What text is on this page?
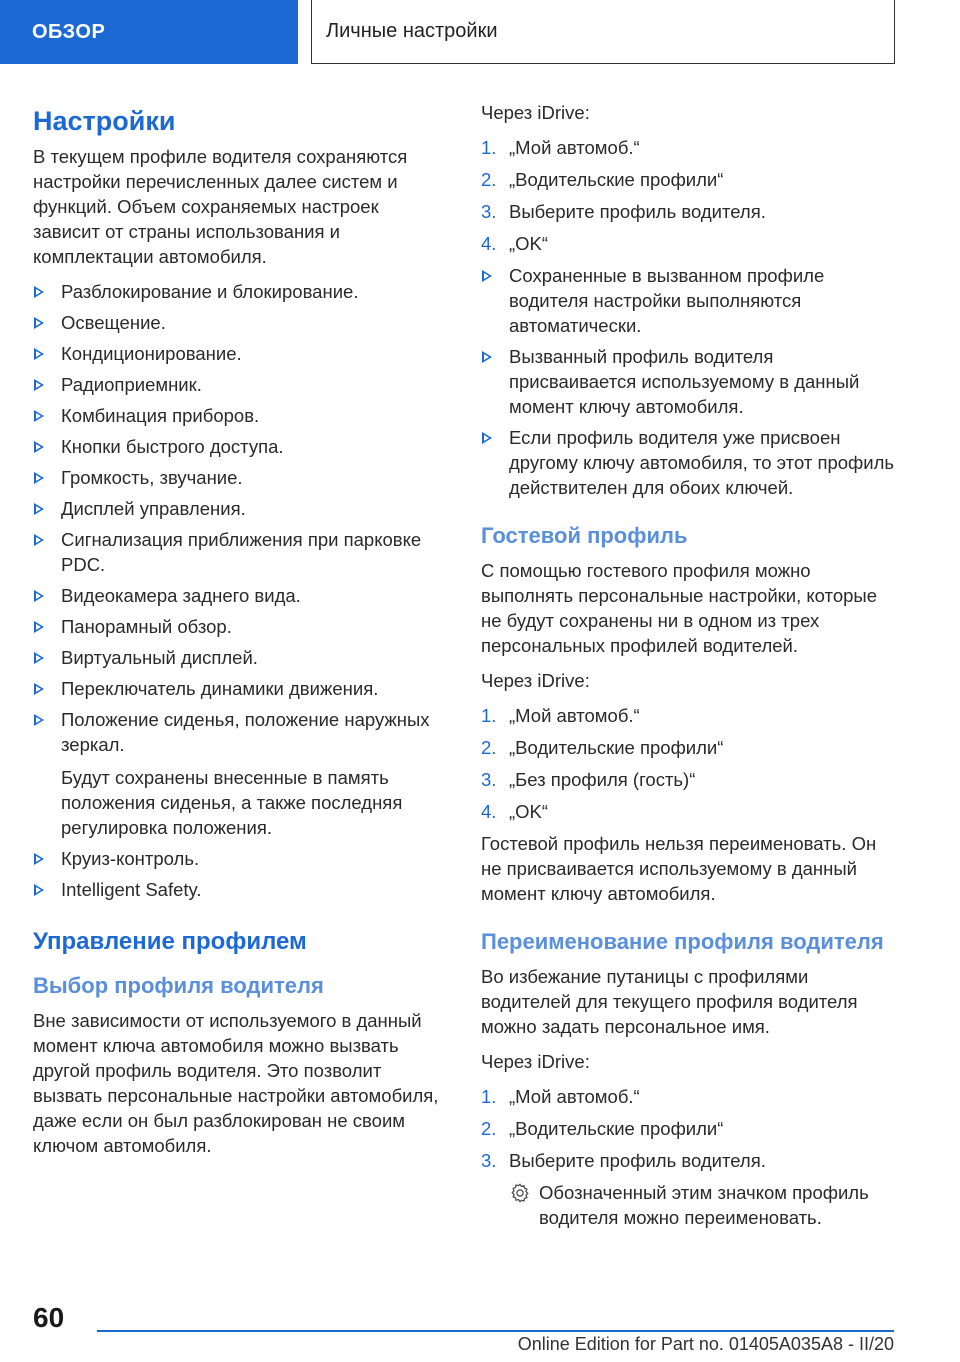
ОБЗОР	Личные настройки
Настройки

В текущем профиле водителя сохраняются настройки перечисленных далее систем и функций. Объем сохраняемых настроек зависит от страны использования и комплектации автомобиля.

Разблокирование и блокирование.
Освещение.
Кондиционирование.
Радиоприемник.
Комбинация приборов.
Кнопки быстрого доступа.
Громкость, звучание.
Дисплей управления.
Сигнализация приближения при парковке PDC.
Видеокамера заднего вида.
Панорамный обзор.
Виртуальный дисплей.
Переключатель динамики движения.
Положение сиденья, положение наружных зеркал.
Будут сохранены внесенные в память положения сиденья, а также последняя регулировка положения.
Круиз-контроль.
Intelligent Safety.
Управление профилем
Выбор профиля водителя

Вне зависимости от используемого в данный момент ключа автомобиля можно вызвать другой профиль водителя. Это позволит вызвать персональные настройки автомобиля, даже если он был разблокирован не своим ключом автомобиля.

Через iDrive:

1. „Мой автомоб.“
2. „Водительские профили“
3. Выберите профиль водителя.
4. „OK“
Сохраненные в вызванном профиле водителя настройки выполняются автоматически.
Вызванный профиль водителя присваивается используемому в данный момент ключу автомобиля.
Если профиль водителя уже присвоен другому ключу автомобиля, то этот профиль действителен для обоих ключей.
Гостевой профиль

С помощью гостевого профиля можно выполнять персональные настройки, которые не будут сохранены ни в одном из трех персональных профилей водителей.

Через iDrive:

1. „Мой автомоб.“
2. „Водительские профили“
3. „Без профиля (гость)“
4. „OK“

Гостевой профиль нельзя переименовать. Он не присваивается используемому в данный момент ключу автомобиля.

Переименование профиля водителя

Во избежание путаницы с профилями водителей для текущего профиля водителя можно задать персональное имя.

Через iDrive:

1. „Мой автомоб.“
2. „Водительские профили“
3. Выберите профиль водителя.
Обозначенный этим значком профиль водителя можно переименовать.
60
Online Edition for Part no. 01405A035A8 - II/20
